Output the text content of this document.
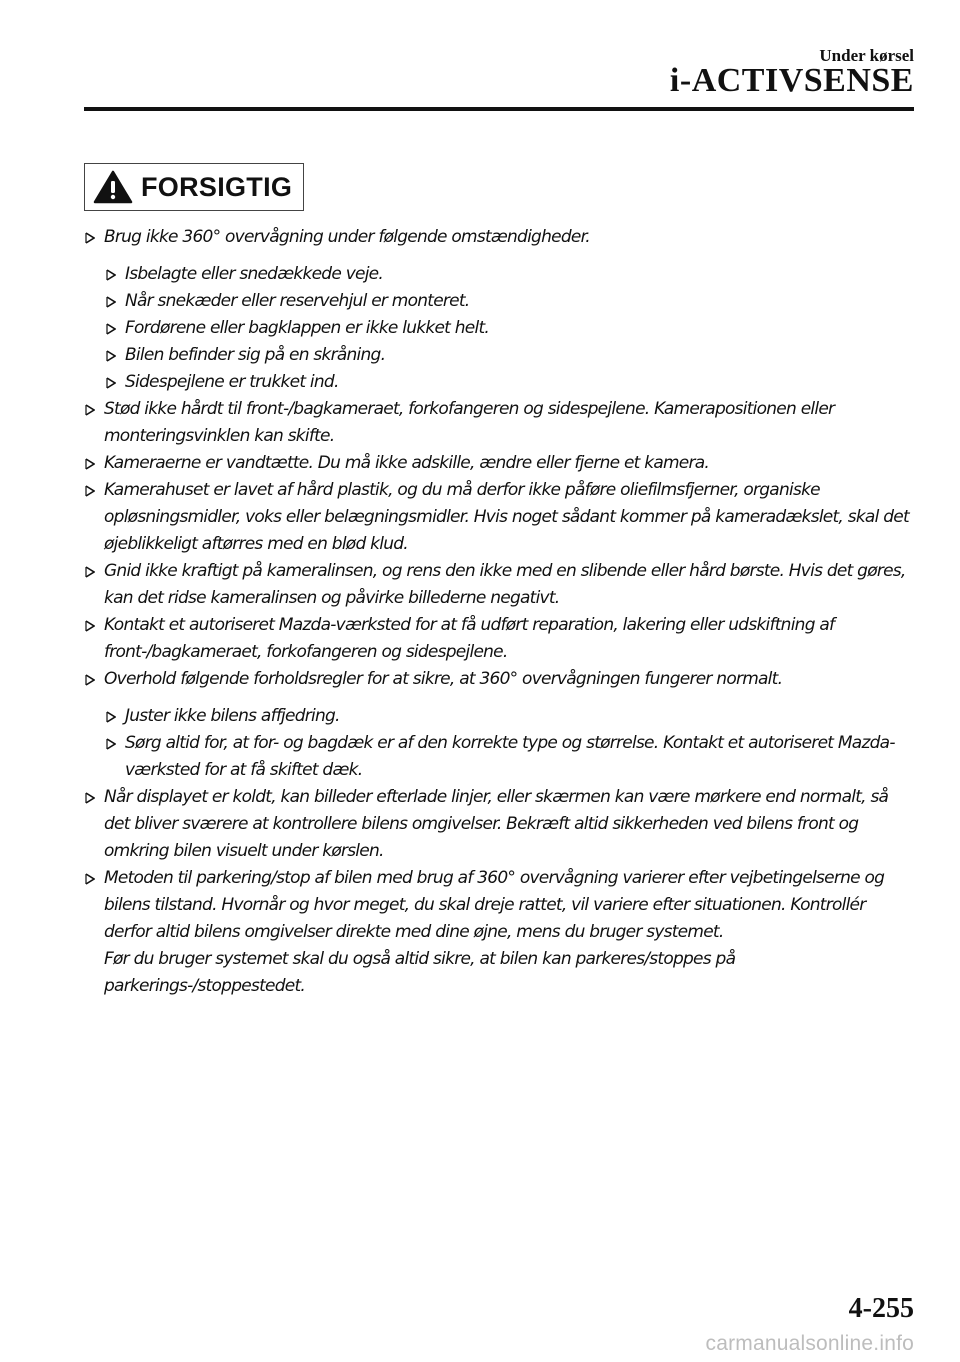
Under kørsel
i-ACTIVSENSE
FORSIGTIG
Brug ikke 360° overvågning under følgende omstændigheder.
Isbelagte eller snedækkede veje.
Når snekæder eller reservehjul er monteret.
Fordørene eller bagklappen er ikke lukket helt.
Bilen befinder sig på en skråning.
Sidespejlene er trukket ind.
Stød ikke hårdt til front-/bagkameraet, forkofangeren og sidespejlene. Kamerapositionen eller monteringsvinklen kan skifte.
Kameraerne er vandtætte. Du må ikke adskille, ændre eller fjerne et kamera.
Kamerahuset er lavet af hård plastik, og du må derfor ikke påføre oliefilmsfjerner, organiske opløsningsmidler, voks eller belægningsmidler. Hvis noget sådant kommer på kameradækslet, skal det øjeblikkeligt aftørres med en blød klud.
Gnid ikke kraftigt på kameralinsen, og rens den ikke med en slibende eller hård børste. Hvis det gøres, kan det ridse kameralinsen og påvirke billederne negativt.
Kontakt et autoriseret Mazda-værksted for at få udført reparation, lakering eller udskiftning af front-/bagkameraet, forkofangeren og sidespejlene.
Overhold følgende forholdsregler for at sikre, at 360° overvågningen fungerer normalt.
Juster ikke bilens affjedring.
Sørg altid for, at for- og bagdæk er af den korrekte type og størrelse. Kontakt et autoriseret Mazda-værksted for at få skiftet dæk.
Når displayet er koldt, kan billeder efterlade linjer, eller skærmen kan være mørkere end normalt, så det bliver sværere at kontrollere bilens omgivelser. Bekræft altid sikkerheden ved bilens front og omkring bilen visuelt under kørslen.
Metoden til parkering/stop af bilen med brug af 360° overvågning varierer efter vejbetingelserne og bilens tilstand. Hvornår og hvor meget, du skal dreje rattet, vil variere efter situationen. Kontrollér derfor altid bilens omgivelser direkte med dine øjne, mens du bruger systemet.
Før du bruger systemet skal du også altid sikre, at bilen kan parkeres/stoppes på parkerings-/stoppestedet.
4-255
carmanualsonline.info
